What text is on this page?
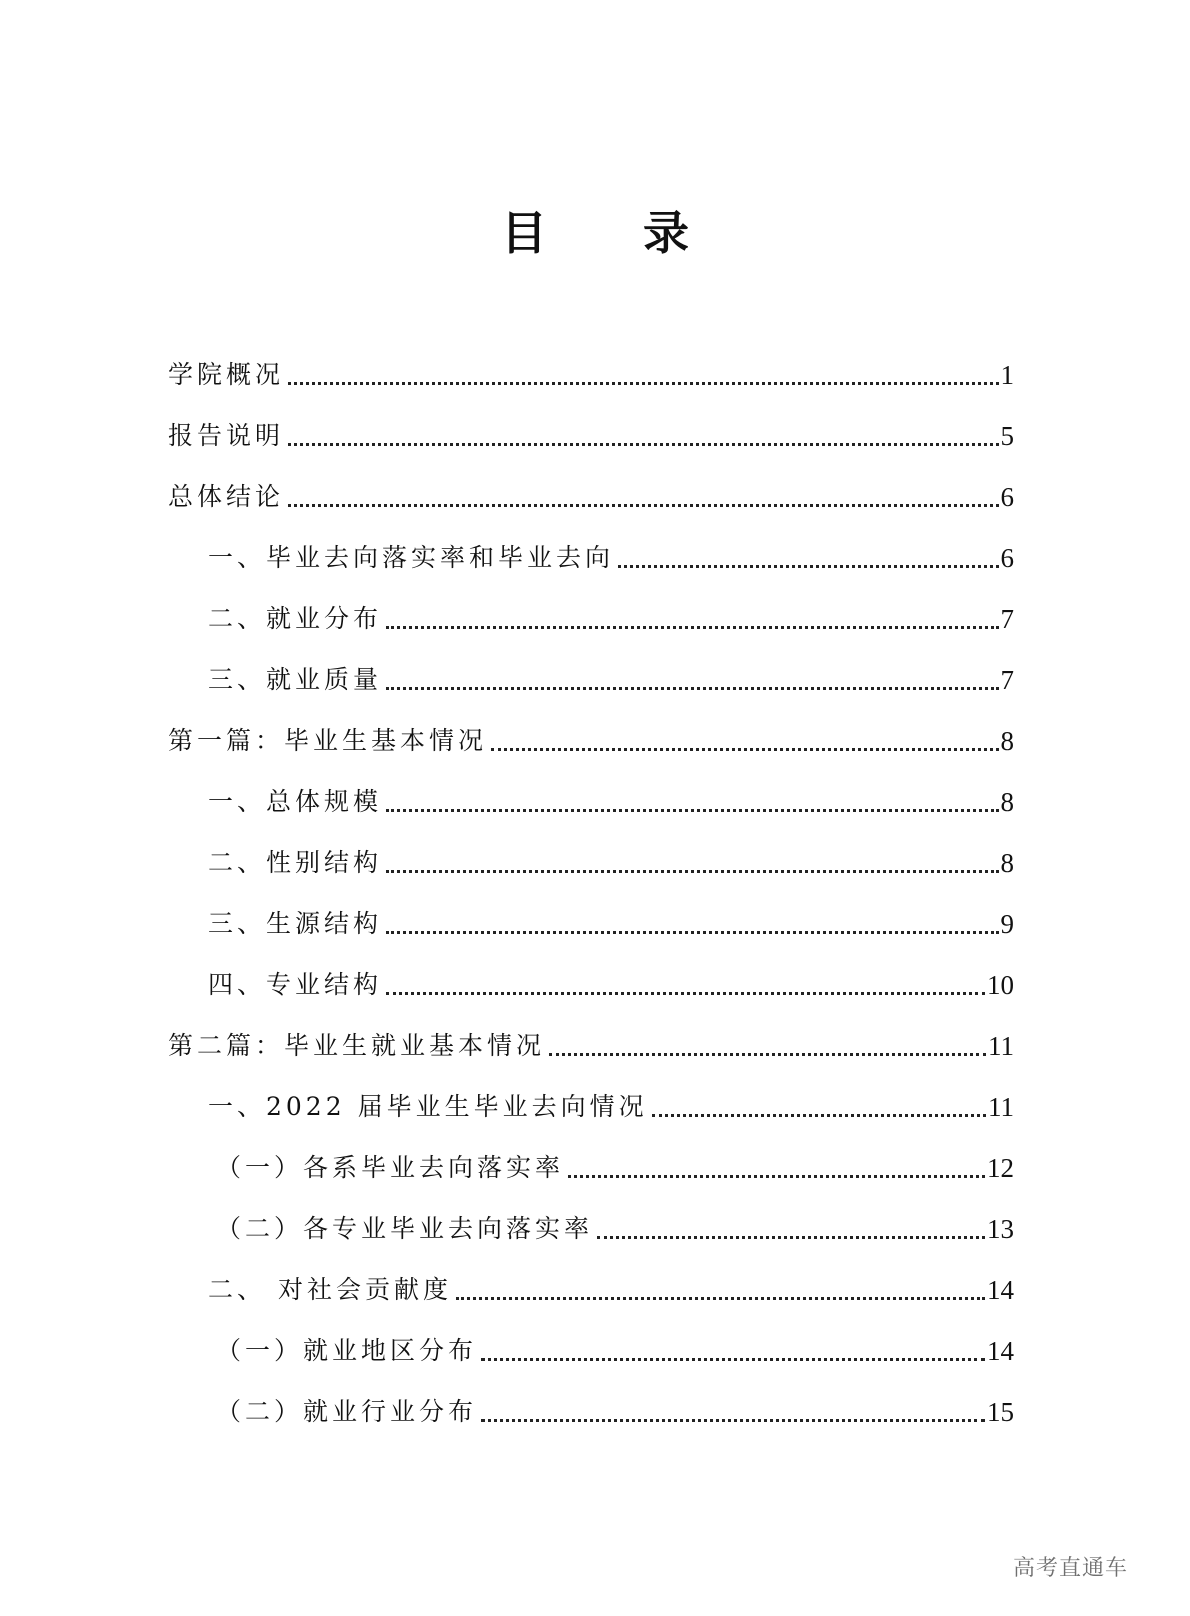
目 录
学院概况	1
报告说明	5
总体结论	6
一、毕业去向落实率和毕业去向	6
二、就业分布	7
三、就业质量	7
第一篇：毕业生基本情况	8
一、总体规模	8
二、性别结构	8
三、生源结构	9
四、专业结构	10
第二篇：毕业生就业基本情况	11
一、2022 届毕业生毕业去向情况	11
（一）各系毕业去向落实率	12
（二）各专业毕业去向落实率	13
二、 对社会贡献度	14
（一）就业地区分布	14
（二）就业行业分布	15
高考直通车
